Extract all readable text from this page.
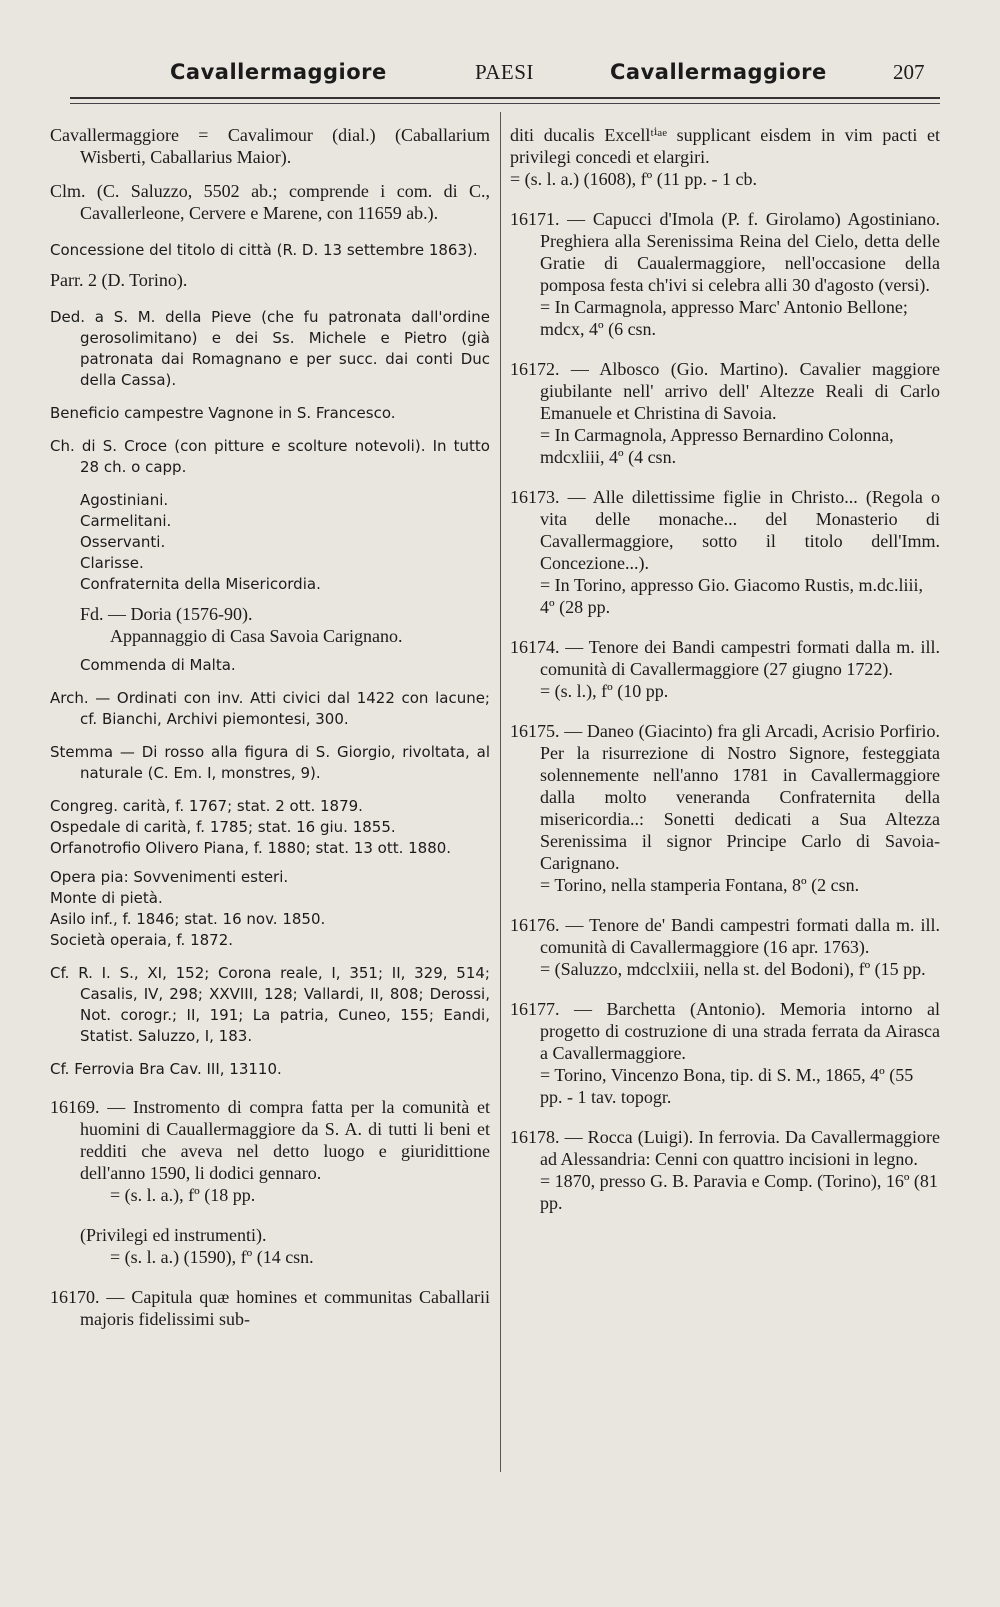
Cavallermaggiore	PAESI	Cavallermaggiore	207

Cavallermaggiore = Cavalimour (dial.) (Caballarium Wisberti, Caballarius Maior).

Clm. (C. Saluzzo, 5502 ab.; comprende i com. di C., Cavallerleone, Cervere e Marene, con 11659 ab.).

Concessione del titolo di città (R. D. 13 settembre 1863).

Parr. 2 (D. Torino).

Ded. a S. M. della Pieve (che fu patronata dall'ordine gerosolimitano) e dei Ss. Michele e Pietro (già patronata dai Romagnano e per succ. dai conti Duc della Cassa).

Beneficio campestre Vagnone in S. Francesco.

Ch. di S. Croce (con pitture e scolture notevoli). In tutto 28 ch. o capp.

Agostiniani.

Carmelitani.

Osservanti.

Clarisse.

Confraternita della Misericordia.

Fd. — Doria (1576-90).

Appannaggio di Casa Savoia Carignano.

Commenda di Malta.

Arch. — Ordinati con inv. Atti civici dal 1422 con lacune; cf. Bianchi, Archivi piemontesi, 300.

Stemma — Di rosso alla figura di S. Giorgio, rivoltata, al naturale (C. Em. I, monstres, 9).

Congreg. carità, f. 1767; stat. 2 ott. 1879.

Ospedale di carità, f. 1785; stat. 16 giu. 1855.

Orfanotrofio Olivero Piana, f. 1880; stat. 13 ott. 1880.

Opera pia: Sovvenimenti esteri.

Monte di pietà.

Asilo inf., f. 1846; stat. 16 nov. 1850.

Società operaia, f. 1872.

Cf. R. I. S., XI, 152; Corona reale, I, 351; II, 329, 514; Casalis, IV, 298; XXVIII, 128; Vallardi, II, 808; Derossi, Not. corogr.; II, 191; La patria, Cuneo, 155; Eandi, Statist. Saluzzo, I, 183.

Cf. Ferrovia Bra Cav. III, 13110.

16169. — Instromento di compra fatta per la comunità et huomini di Cauallermaggiore da S. A. di tutti li beni et redditi che aveva nel detto luogo e giuridittione dell'anno 1590, li dodici gennaro.

= (s. l. a.), fº (18 pp.

(Privilegi ed instrumenti).

= (s. l. a.) (1590), fº (14 csn.

16170. — Capitula quæ homines et communitas Caballarii majoris fidelissimi sub-

diti ducalis Excellᵗⁱᵃᵉ supplicant eisdem in vim pacti et privilegi concedi et elargiri.

= (s. l. a.) (1608), fº (11 pp. - 1 cb.

16171. — Capucci d'Imola (P. f. Girolamo) Agostiniano. Preghiera alla Serenissima Reina del Cielo, detta delle Gratie di Caualermaggiore, nell'occasione della pomposa festa ch'ivi si celebra alli 30 d'agosto (versi).

= In Carmagnola, appresso Marc' Antonio Bellone; mdcx, 4º (6 csn.

16172. — Albosco (Gio. Martino). Cavalier maggiore giubilante nell' arrivo dell' Altezze Reali di Carlo Emanuele et Christina di Savoia.

= In Carmagnola, Appresso Bernardino Colonna, mdcxliii, 4º (4 csn.

16173. — Alle dilettissime figlie in Christo... (Regola o vita delle monache... del Monasterio di Cavallermaggiore, sotto il titolo dell'Imm. Concezione...).

= In Torino, appresso Gio. Giacomo Rustis, m.dc.liii, 4º (28 pp.

16174. — Tenore dei Bandi campestri formati dalla m. ill. comunità di Cavallermaggiore (27 giugno 1722).

= (s. l.), fº (10 pp.

16175. — Daneo (Giacinto) fra gli Arcadi, Acrisio Porfirio. Per la risurrezione di Nostro Signore, festeggiata solennemente nell'anno 1781 in Cavallermaggiore dalla molto veneranda Confraternita della misericordia..: Sonetti dedicati a Sua Altezza Serenissima il signor Principe Carlo di Savoia-Carignano.

= Torino, nella stamperia Fontana, 8º (2 csn.

16176. — Tenore de' Bandi campestri formati dalla m. ill. comunità di Cavallermaggiore (16 apr. 1763).

= (Saluzzo, mdcclxiii, nella st. del Bodoni), fº (15 pp.

16177. — Barchetta (Antonio). Memoria intorno al progetto di costruzione di una strada ferrata da Airasca a Cavallermaggiore.

= Torino, Vincenzo Bona, tip. di S. M., 1865, 4º (55 pp. - 1 tav. topogr.

16178. — Rocca (Luigi). In ferrovia. Da Cavallermaggiore ad Alessandria: Cenni con quattro incisioni in legno.

= 1870, presso G. B. Paravia e Comp. (Torino), 16º (81 pp.
